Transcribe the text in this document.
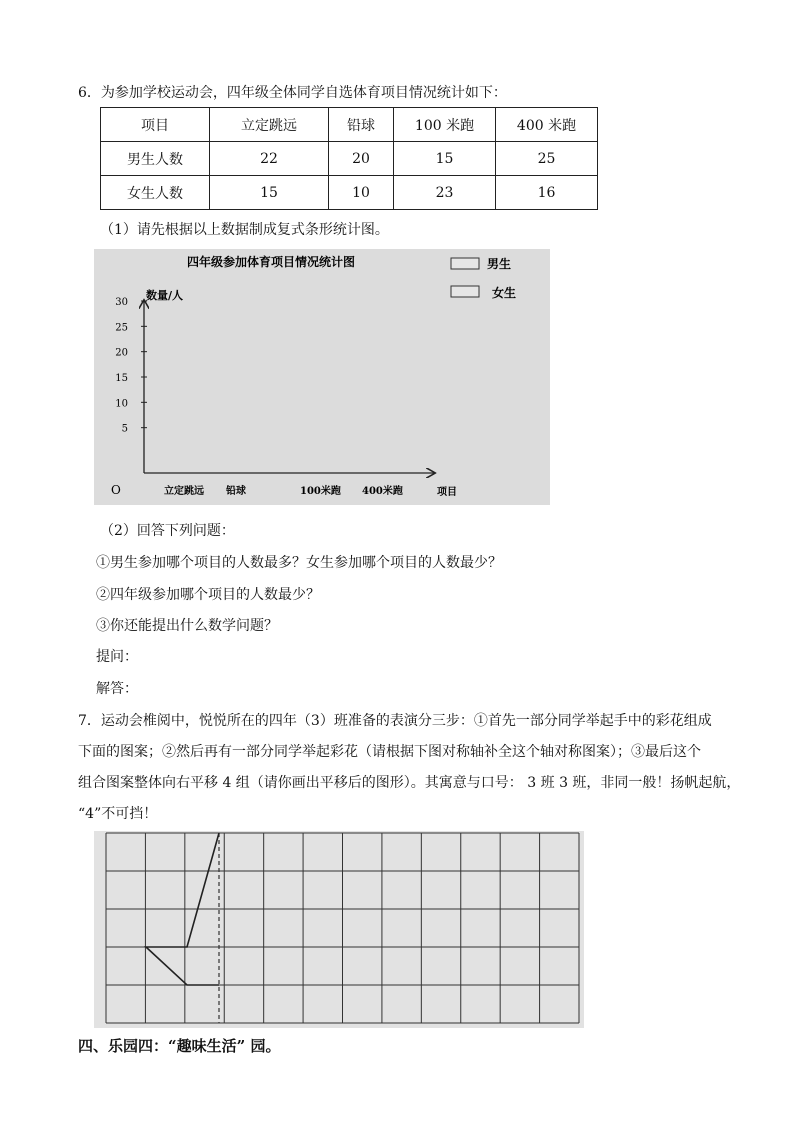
6．为参加学校运动会，四年级全体同学自选体育项目情况统计如下：
项目	立定跳远	铅球	100 米跑	400 米跑
男生人数	22	20	15	25
女生人数	15	10	23	16
（1）请先根据以上数据制成复式条形统计图。
5
10
15
20
25
30
四年级参加体育项目情况统计图
数量/人
项目
O	立定跳远 铅球	100米跑 400米跑
男生
女生
（2）回答下列问题：
①男生参加哪个项目的人数最多？女生参加哪个项目的人数最少？
②四年级参加哪个项目的人数最少？
③你还能提出什么数学问题？
提问：
解答：
7．运动会椎阅中，悦悦所在的四年（3）班准备的表演分三步：①首先一部分同学举起手中的彩花组成
下面的图案；②然后再有一部分同学举起彩花（请根据下图对称轴补全这个轴对称图案）；③最后这个
组合图案整体向右平移 4 组（请你画出平移后的图形）。其寓意与口号： 3 班 3 班，非同一般！扬帆起航，
“4”不可挡！
四、乐园四：“趣味生活” 园。
